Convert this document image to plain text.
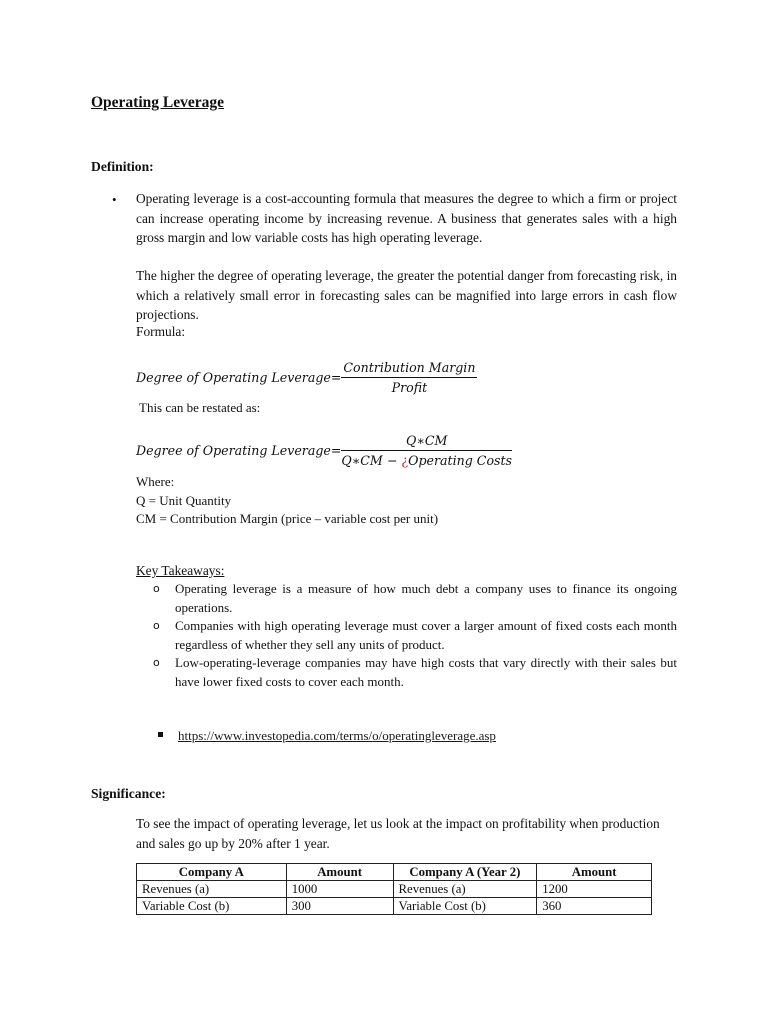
Operating Leverage
Definition:
• Operating leverage is a cost-accounting formula that measures the degree to which a firm or project can increase operating income by increasing revenue. A business that generates sales with a high gross margin and low variable costs has high operating leverage.
The higher the degree of operating leverage, the greater the potential danger from forecasting risk, in which a relatively small error in forecasting sales can be magnified into large errors in cash flow projections.
Formula:
Degree of Operating Leverage= $\frac{\text{Contribution Margin}}{\text{Profit}}$
This can be restated as:
Degree of Operating Leverage= $\frac{Q∗CM}{\text{Q∗CM − ¿Operating Costs}}$
Where:
Q = Unit Quantity
CM = Contribution Margin (price – variable cost per unit)
Key Takeaways:
o Operating leverage is a measure of how much debt a company uses to finance its ongoing operations.
o Companies with high operating leverage must cover a larger amount of fixed costs each month regardless of whether they sell any units of product.
o Low-operating-leverage companies may have high costs that vary directly with their sales but have lower fixed costs to cover each month.
https://www.investopedia.com/terms/o/operatingleverage.asp
Significance:
To see the impact of operating leverage, let us look at the impact on profitability when production and sales go up by 20% after 1 year.
Company A	Amount	Company A (Year 2)	Amount
Revenues (a)	1000	Revenues (a)	1200
Variable Cost (b)	300	Variable Cost (b)	360
